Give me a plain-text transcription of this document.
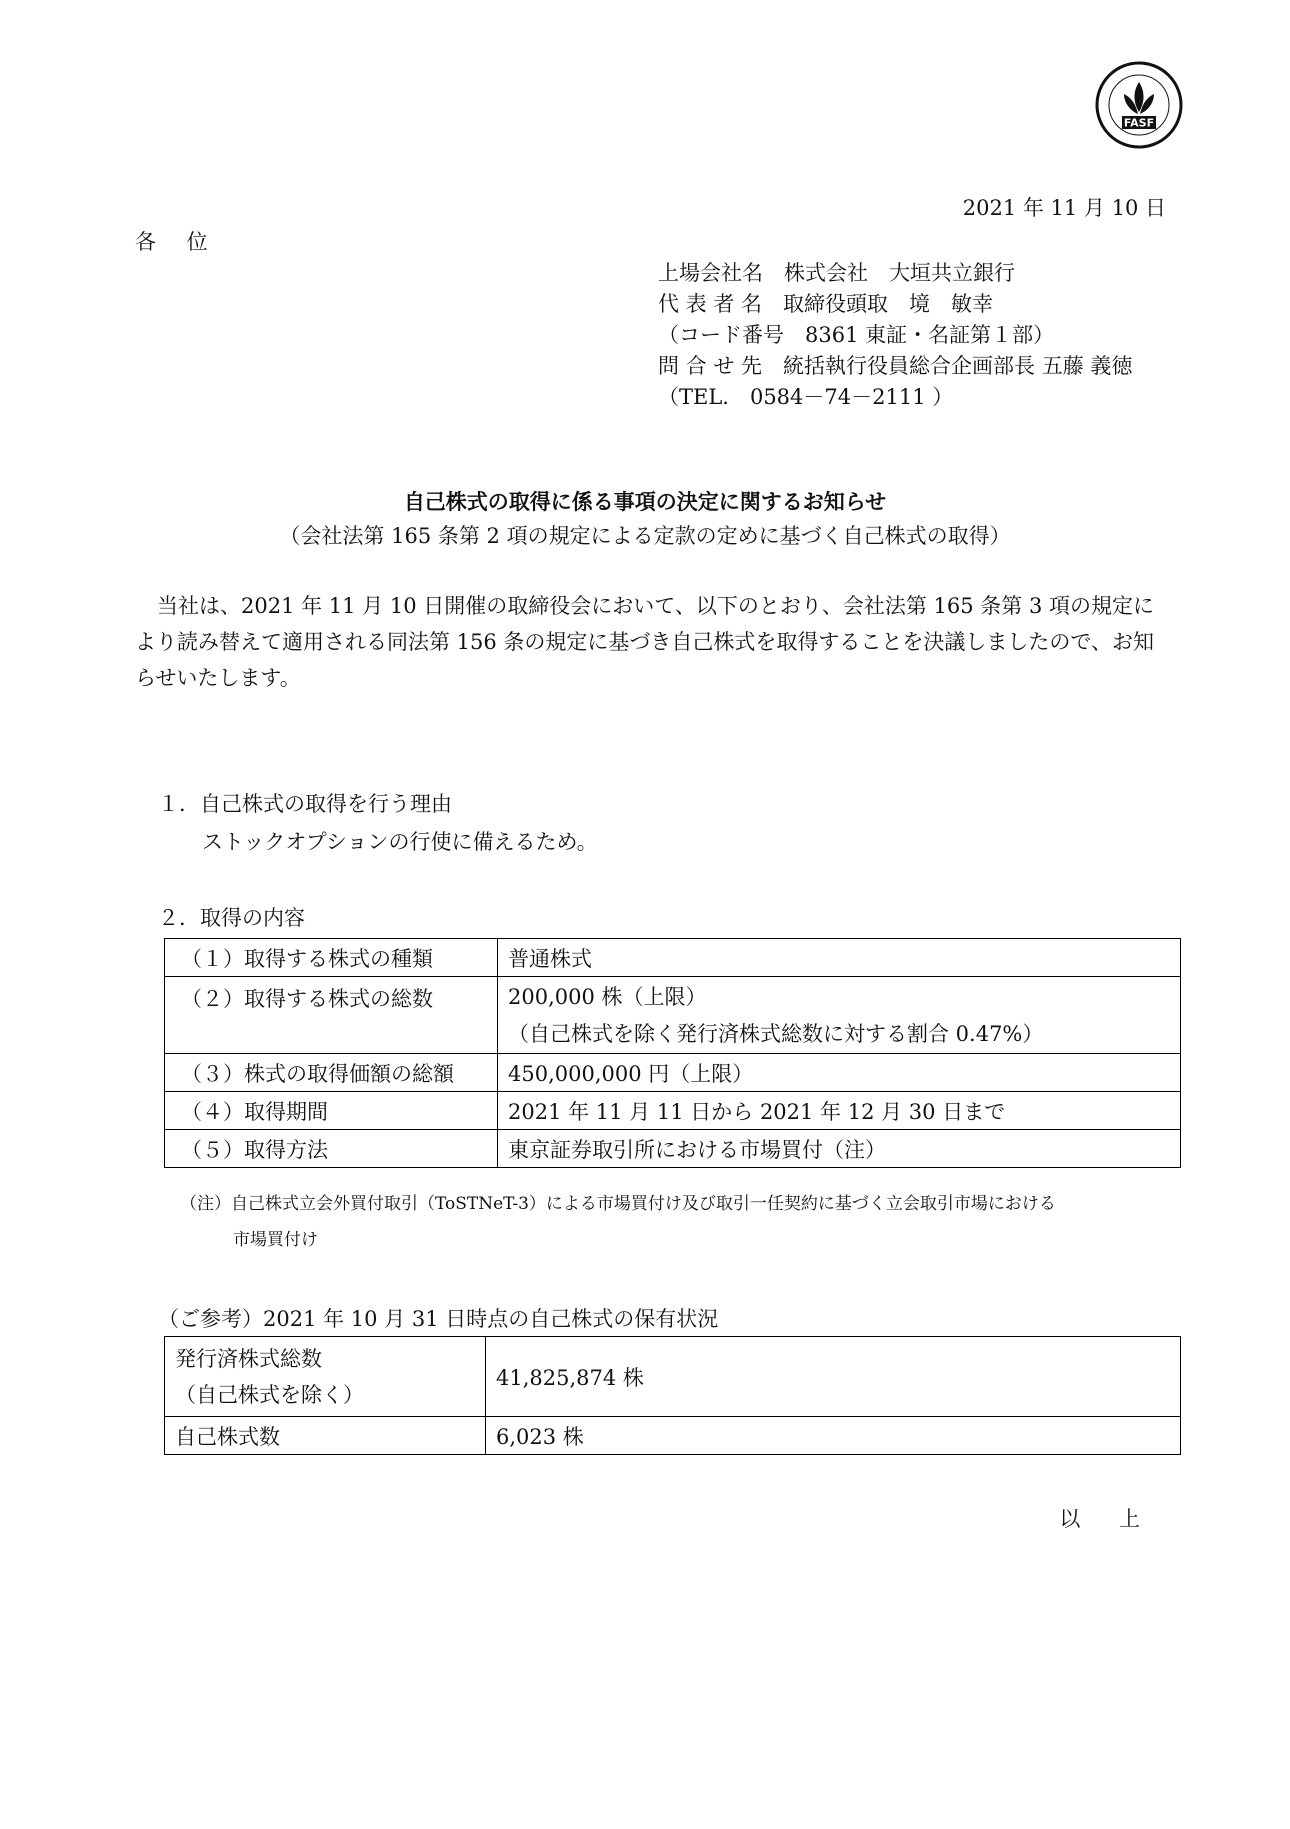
FASF
2021 年 11 月 10 日
各 位
上場会社名　株式会社　大垣共立銀行
代 表 者 名　取締役頭取　境　敏幸
（コード番号　8361 東証・名証第１部）
問 合 せ 先　統括執行役員総合企画部長 五藤 義徳
（TEL.　0584－74－2111 ）
自己株式の取得に係る事項の決定に関するお知らせ
（会社法第 165 条第 2 項の規定による定款の定めに基づく自己株式の取得）
当社は、2021 年 11 月 10 日開催の取締役会において、以下のとおり、会社法第 165 条第 3 項の規定により読み替えて適用される同法第 156 条の規定に基づき自己株式を取得することを決議しましたので、お知らせいたします。
１．自己株式の取得を行う理由
ストックオプションの行使に備えるため。
２．取得の内容
（１）取得する株式の種類	普通株式
（２）取得する株式の総数	200,000 株（上限）
（自己株式を除く発行済株式総数に対する割合 0.47%）

（３）株式の取得価額の総額	450,000,000 円（上限）
（４）取得期間	2021 年 11 月 11 日から 2021 年 12 月 30 日まで
（５）取得方法	東京証券取引所における市場買付（注）
（注）自己株式立会外買付取引（ToSTNeT-3）による市場買付け及び取引一任契約に基づく立会取引市場における
市場買付け
（ご参考）2021 年 10 月 31 日時点の自己株式の保有状況
発行済株式総数
（自己株式を除く）	41,825,874 株
自己株式数	6,023 株
以 上
